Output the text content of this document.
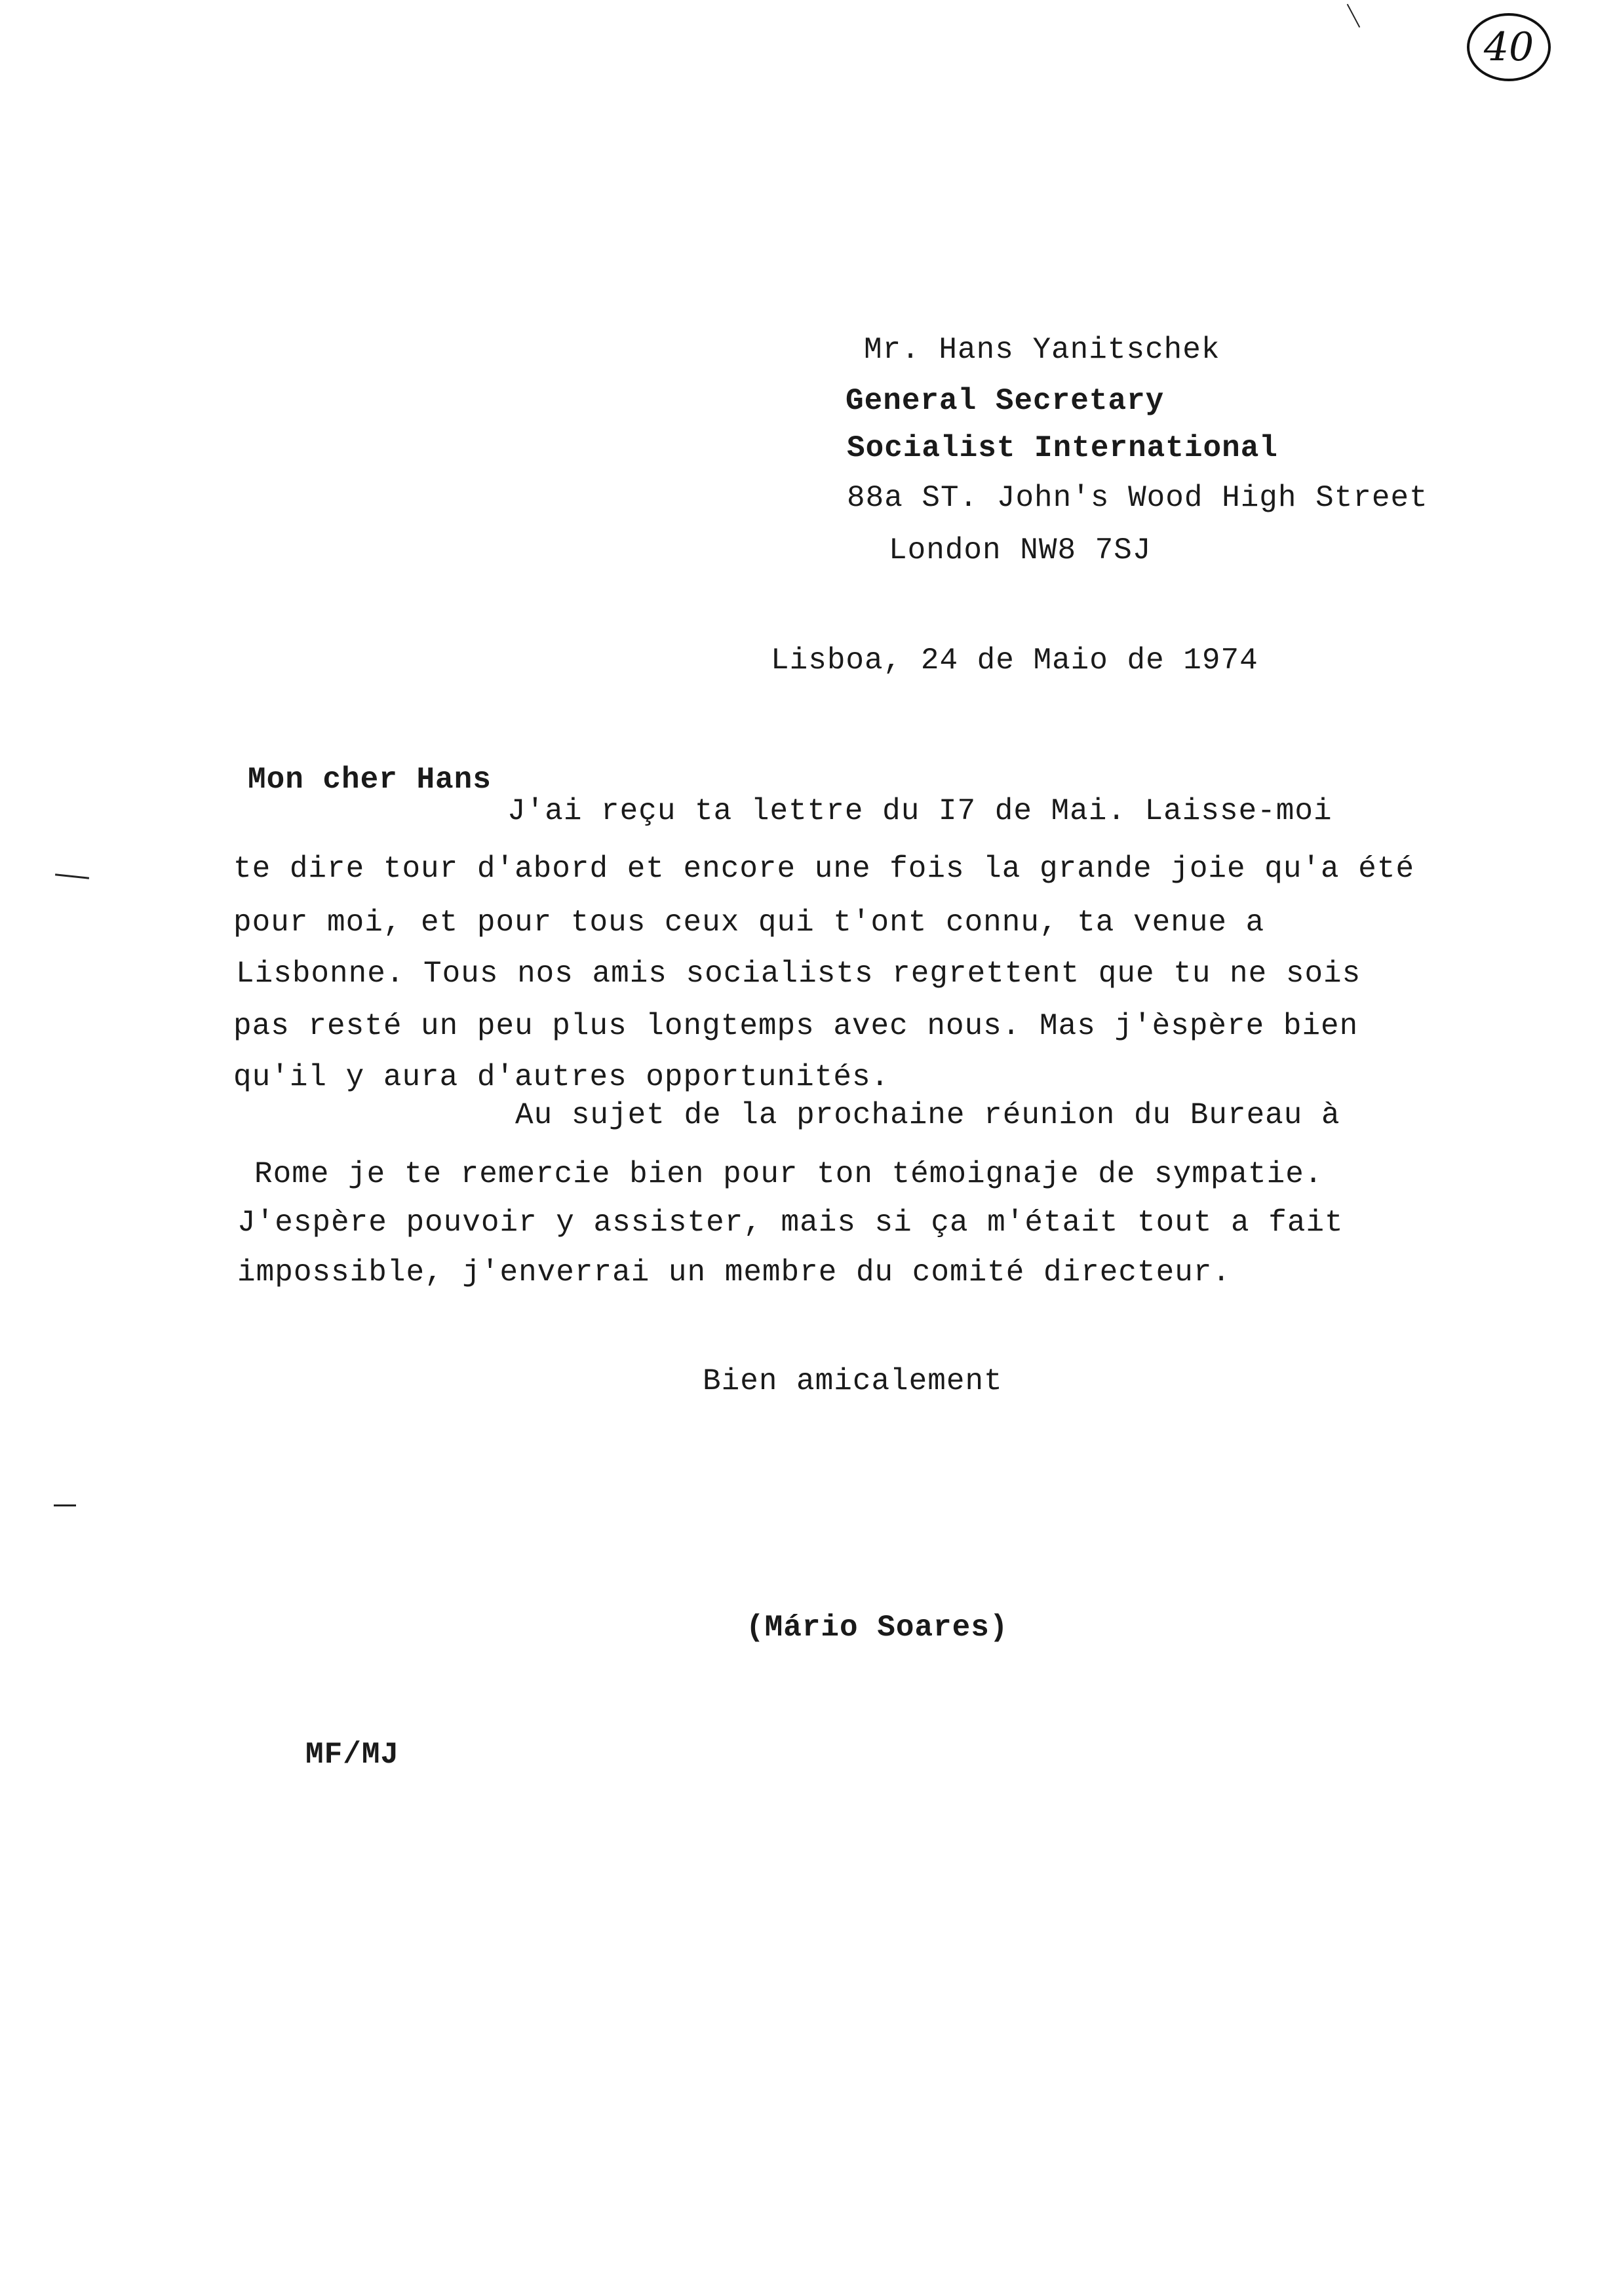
40

Mr. Hans Yanitschek

General Secretary

Socialist International

88a ST. John's Wood High Street

London NW8 7SJ

Lisboa, 24 de Maio de 1974

Mon cher Hans

J'ai reçu ta lettre du I7 de Mai. Laisse-moi

te dire tour d'abord et encore une fois la grande joie qu'a été

pour moi, et pour tous ceux qui t'ont connu, ta venue a

Lisbonne. Tous nos amis socialists regrettent que tu ne sois

pas resté un peu plus longtemps avec nous. Mas j'èspère bien

qu'il y aura d'autres opportunités.

Au sujet de la prochaine réunion du Bureau à

Rome je te remercie bien pour ton témoignaje de sympatie.

J'espère pouvoir y assister, mais si ça m'était tout a fait

impossible, j'enverrai un membre du comité directeur.

Bien amicalement

(Mário Soares)

MF/MJ
